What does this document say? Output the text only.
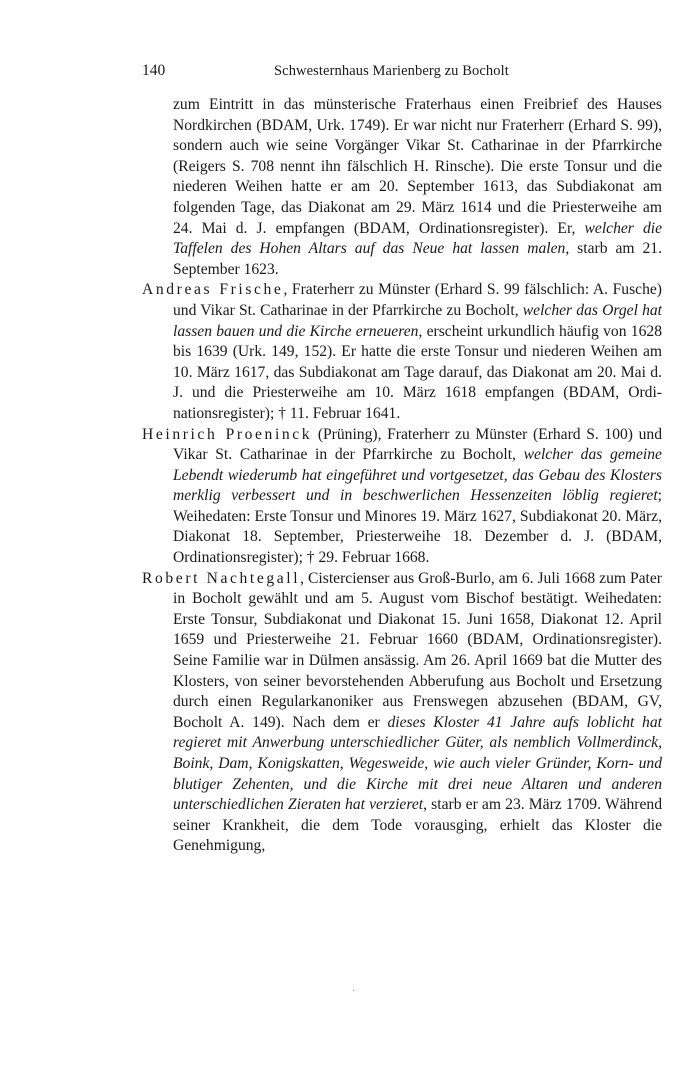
140	Schwesternhaus Marienberg zu Bocholt

zum Eintritt in das münsterische Fraterhaus einen Freibrief des Hauses Nordkirchen (BDAM, Urk. 1749). Er war nicht nur Fraterherr (Erhard S. 99), sondern auch wie seine Vorgänger Vikar St. Catharinae in der Pfarrkirche (Reigers S. 708 nennt ihn fälschlich H. Rinsche). Die erste Tonsur und die niederen Weihen hatte er am 20. September 1613, das Subdiakonat am folgenden Tage, das Diakonat am 29. März 1614 und die Priesterweihe am 24. Mai d. J. empfangen (BDAM, Ordinationsregister). Er, welcher die Taffelen des Hohen Altars auf das Neue hat lassen malen, starb am 21. September 1623.

Andreas Frische, Fraterherr zu Münster (Erhard S. 99 fälschlich: A. Fusche) und Vikar St. Catharinae in der Pfarrkirche zu Bocholt, welcher das Orgel hat lassen bauen und die Kirche erneueren, erscheint urkundlich häufig von 1628 bis 1639 (Urk. 149, 152). Er hatte die erste Tonsur und niederen Weihen am 10. März 1617, das Subdiakonat am Tage darauf, das Diakonat am 20. Mai d. J. und die Priesterweihe am 10. März 1618 empfangen (BDAM, Ordinationsregister); † 11. Februar 1641.

Heinrich Proeninck (Prüning), Fraterherr zu Münster (Erhard S. 100) und Vikar St. Catharinae in der Pfarrkirche zu Bocholt, welcher das gemeine Lebendt wiederumb hat eingeführet und vortgesetzet, das Gebau des Klosters merklig verbessert und in beschwerlichen Hessenzeiten löblig regieret; Weihedaten: Erste Tonsur und Minores 19. März 1627, Subdiakonat 20. März, Diakonat 18. September, Priesterweihe 18. Dezember d. J. (BDAM, Ordinationsregister); † 29. Februar 1668.

Robert Nachtegall, Cistercienser aus Groß-Burlo, am 6. Juli 1668 zum Pater in Bocholt gewählt und am 5. August vom Bischof bestätigt. Weihedaten: Erste Tonsur, Subdiakonat und Diakonat 15. Juni 1658, Diakonat 12. April 1659 und Priesterweihe 21. Februar 1660 (BDAM, Ordinationsregister). Seine Familie war in Dülmen ansässig. Am 26. April 1669 bat die Mutter des Klosters, von seiner bevorstehenden Abberufung aus Bocholt und Ersetzung durch einen Regularkanoniker aus Frenswegen abzusehen (BDAM, GV, Bocholt A. 149). Nach dem er dieses Kloster 41 Jahre aufs loblicht hat regieret mit Anwerbung unterschiedlicher Güter, als nemblich Vollmerdinck, Boink, Dam, Konigskatten, Wegesweide, wie auch vieler Gründer, Korn- und blutiger Zehenten, und die Kirche mit drei neue Altaren und anderen unterschiedlichen Zieraten hat verzieret, starb er am 23. März 1709. Während seiner Krankheit, die dem Tode vorausging, erhielt das Kloster die Genehmigung,
